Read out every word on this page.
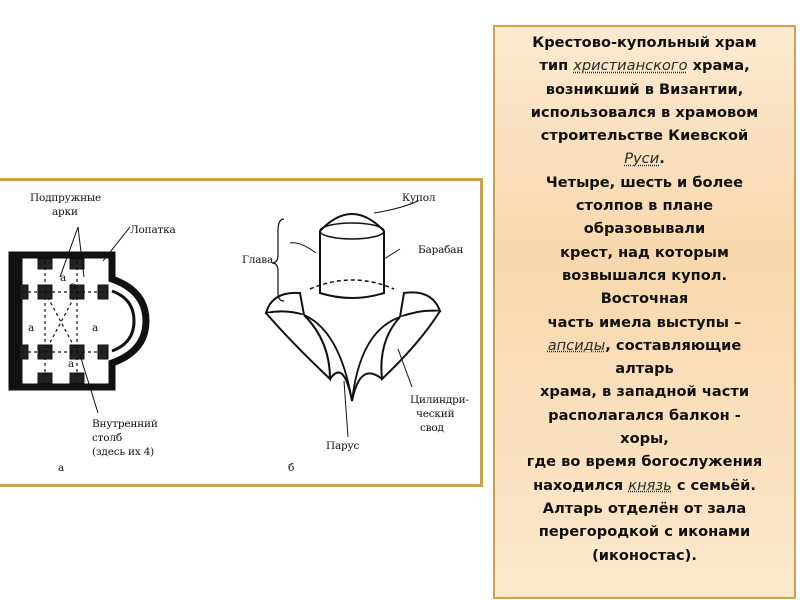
Подпружные
арки
Лопатка
а
а	а
а
а
Внутренний
столб
(здесь их 4)
а
Купол
Глава
Барабан
Парус
Цилиндри-
ческий
свод
б
Крестово-купольный храм
тип христианского храма,
возникший в Византии,
использовался в храмовом
строительстве Киевской
Руси.
Четыре, шесть и более
столпов в плане
образовывали
крест, над которым
возвышался купол.
Восточная
часть имела выступы –
апсиды, составляющие
алтарь
храма, в западной части
располагался балкон -
хоры,
где во время богослужения
находился князь с семьёй.
Алтарь отделён от зала
перегородкой с иконами
(иконостас).
